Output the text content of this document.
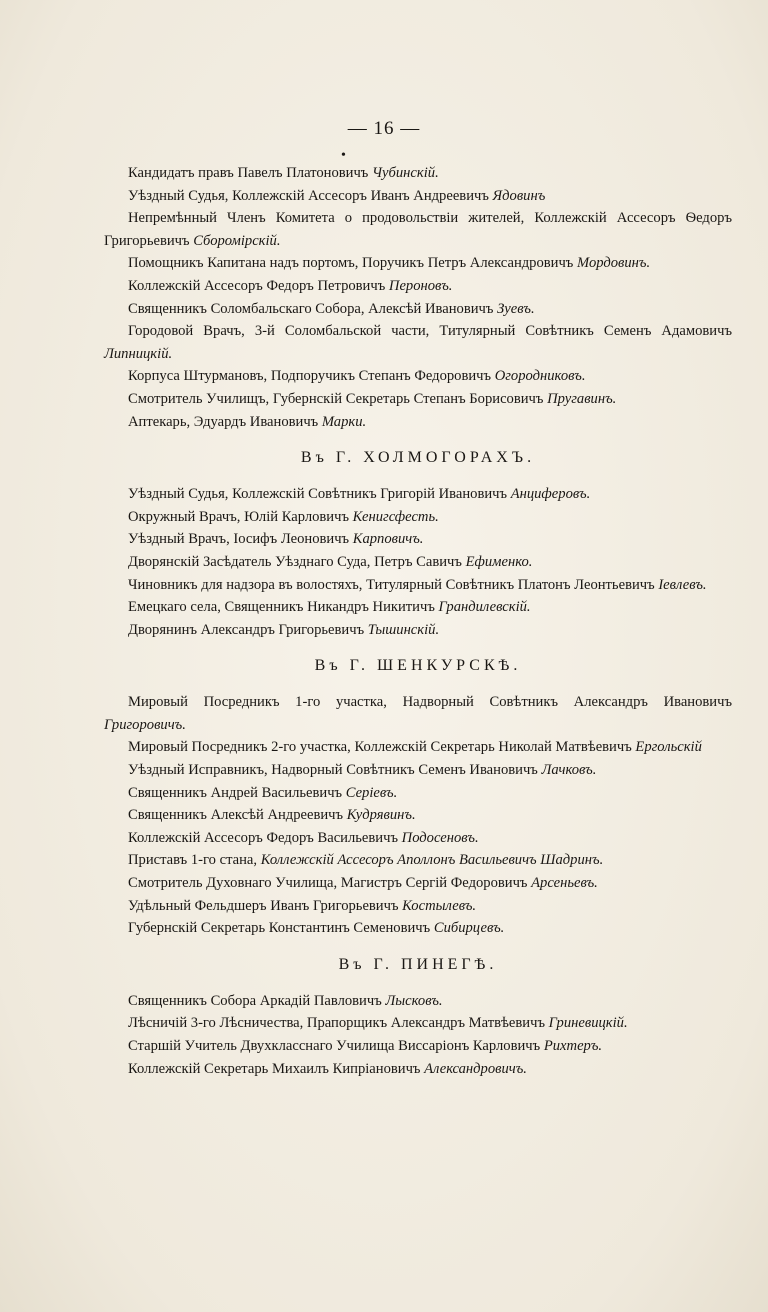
— 16 —
•

Кандидатъ правъ Павелъ Платоновичъ Чубинскій.

Уѣздный Судья, Коллежскій Ассесоръ Иванъ Андреевичъ Ядовинъ

Непремѣнный Членъ Комитета о продовольствіи жителей, Коллежскій Ассесоръ Ѳедоръ Григорьевичъ Сбороміpскій.

Помощникъ Капитана надъ портомъ, Поручикъ Петръ Александровичъ Мордовинъ.

Коллежскій Ассесоръ Федоръ Петровичъ Пероновъ.

Священникъ Соломбальскаго Собора, Алексѣй Ивановичъ Зуевъ.

Городовой Врачъ, 3-й Соломбальской части, Титулярный Совѣтникъ Семенъ Адамовичъ Липницкій.

Корпуса Штурмановъ, Подпоручикъ Степанъ Федоровичъ Огородниковъ.

Смотритель Училищъ, Губернскій Секретарь Степанъ Борисовичъ Пругавинъ.

Аптекарь, Эдуардъ Ивановичъ Марки.

Въ Г. ХОЛМОГОРАХЪ.

Уѣздный Судья, Коллежскій Совѣтникъ Григорій Ивановичъ Анциферовъ.

Окружный Врачъ, Юлій Карловичъ Кенигсфесть.

Уѣздный Врачъ, Іосифъ Леоновичъ Карповичъ.

Дворянскій Засѣдатель Уѣзднаго Суда, Петръ Савичъ Ефименко.

Чиновникъ для надзора въ волостяхъ, Титулярный Совѣтникъ Платонъ Леонтьевичъ Іевлевъ.

Емецкаго села, Священникъ Никандръ Никитичъ Грандилевскій.

Дворянинъ Александръ Григорьевичъ Тышинскій.

Въ Г. ШЕНКУРСКѢ.

Мировый Посредникъ 1-го участка, Надворный Совѣтникъ Александръ Ивановичъ Григоровичъ.

Мировый Посредникъ 2-го участка, Коллежскій Секретарь Николай Матвѣевичъ Ергольскій

Уѣздный Исправникъ, Надворный Совѣтникъ Семенъ Ивановичъ Лачковъ.

Священникъ Андрей Васильевичъ Серiевъ.

Священникъ Алексѣй Андреевичъ Кудрявинъ.

Коллежскій Ассесоръ Федоръ Васильевичъ Подосеновъ.

Приставъ 1-го стана, Коллежскій Ассесоръ Аполлонъ Васильевичъ Шадринъ.

Смотритель Духовнаго Училища, Магистръ Сергій Федоровичъ Арсеньевъ.

Удѣльный Фельдшеръ Иванъ Григорьевичъ Костылевъ.

Губернскій Секретарь Константинъ Семеновичъ Сибирцевъ.

Въ Г. ПИНЕГѢ.

Священникъ Собора Аркадій Павловичъ Лысковъ.

Лѣсничій 3-го Лѣсничества, Прапорщикъ Александръ Матвѣевичъ Гриневицкій.

Старшій Учитель Двухкласснаго Училища Виссаріонъ Карловичъ Рихтеръ.

Коллежскій Секретарь Михаилъ Кипріановичъ Александровичъ.
